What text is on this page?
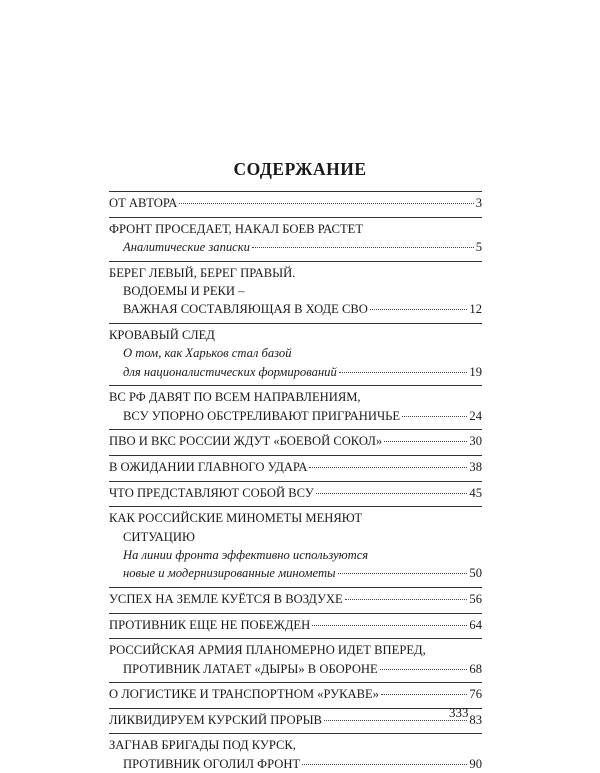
СОДЕРЖАНИЕ
ОТ АВТОРА	3
ФРОНТ ПРОСЕДАЕТ, НАКАЛ БОЕВ РАСТЕТ
Аналитические записки	5
БЕРЕГ ЛЕВЫЙ, БЕРЕГ ПРАВЫЙ.
ВОДОЕМЫ И РЕКИ –
ВАЖНАЯ СОСТАВЛЯЮЩАЯ В ХОДЕ СВО	12
КРОВАВЫЙ СЛЕД
О том, как Харьков стал базой
для националистических формирований	19
ВС РФ ДАВЯТ ПО ВСЕМ НАПРАВЛЕНИЯМ,
ВСУ УПОРНО ОБСТРЕЛИВАЮТ ПРИГРАНИЧЬЕ	24
ПВО И ВКС РОССИИ ЖДУТ «БОЕВОЙ СОКОЛ»	30
В ОЖИДАНИИ ГЛАВНОГО УДАРА	38
ЧТО ПРЕДСТАВЛЯЮТ СОБОЙ ВСУ	45
КАК РОССИЙСКИЕ МИНОМЕТЫ МЕНЯЮТ
СИТУАЦИЮ
На линии фронта эффективно используются
новые и модернизированные минометы	50
УСПЕХ НА ЗЕМЛЕ КУЁТСЯ В ВОЗДУХЕ	56
ПРОТИВНИК ЕЩЕ НЕ ПОБЕЖДЕН	64
РОССИЙСКАЯ АРМИЯ ПЛАНОМЕРНО ИДЕТ ВПЕРЕД,
ПРОТИВНИК ЛАТАЕТ «ДЫРЫ» В ОБОРОНЕ	68
О ЛОГИСТИКЕ И ТРАНСПОРТНОМ «РУКАВЕ»	76
ЛИКВИДИРУЕМ КУРСКИЙ ПРОРЫВ	83
ЗАГНАВ БРИГАДЫ ПОД КУРСК,
ПРОТИВНИК ОГОЛИЛ ФРОНТ	90
333
